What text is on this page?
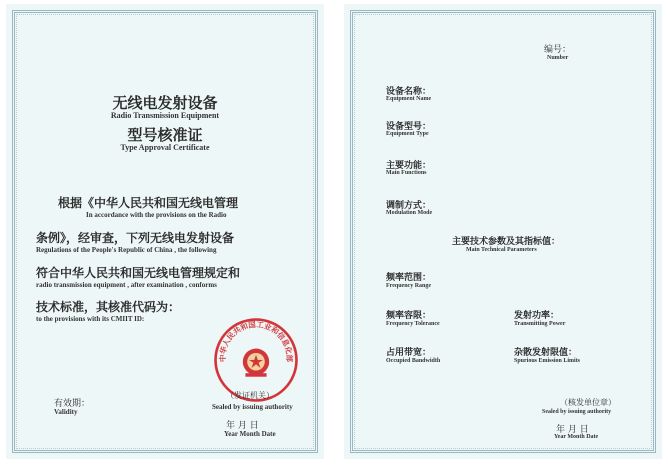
无线电发射设备
Radio Transmission Equipment
型号核准证
Type Approval Certificate
根据《中华人民共和国无线电管理
In accordance with the provisions on the Radio
条例》，经审查，下列无线电发射设备
Regulations of the People's Republic of China , the following
符合中华人民共和国无线电管理规定和
radio transmission equipment , after examination , conforms
技术标准，其核准代码为：
to the provisions with its CMIIT ID:
有效期：
Validity
中华人民共和国工业和信息化部
（发证机关）
Sealed by issuing authority
年 月 日
Year Month Date
编号：
Number
设备名称：
Equipment Name
设备型号：
Equipment Type
主要功能：
Main Functions
调制方式：
Modulation Mode
主要技术参数及其指标值：
Main Technical Parameters
频率范围：
Frequency Range
频率容限：
Frequency Tolerance
发射功率：
Transmitting Power
占用带宽：
Occupied Bandwidth
杂散发射限值：
Spurious Emission Limits
（核发单位章）
Sealed by issuing authority
年 月 日
Year Month Date
